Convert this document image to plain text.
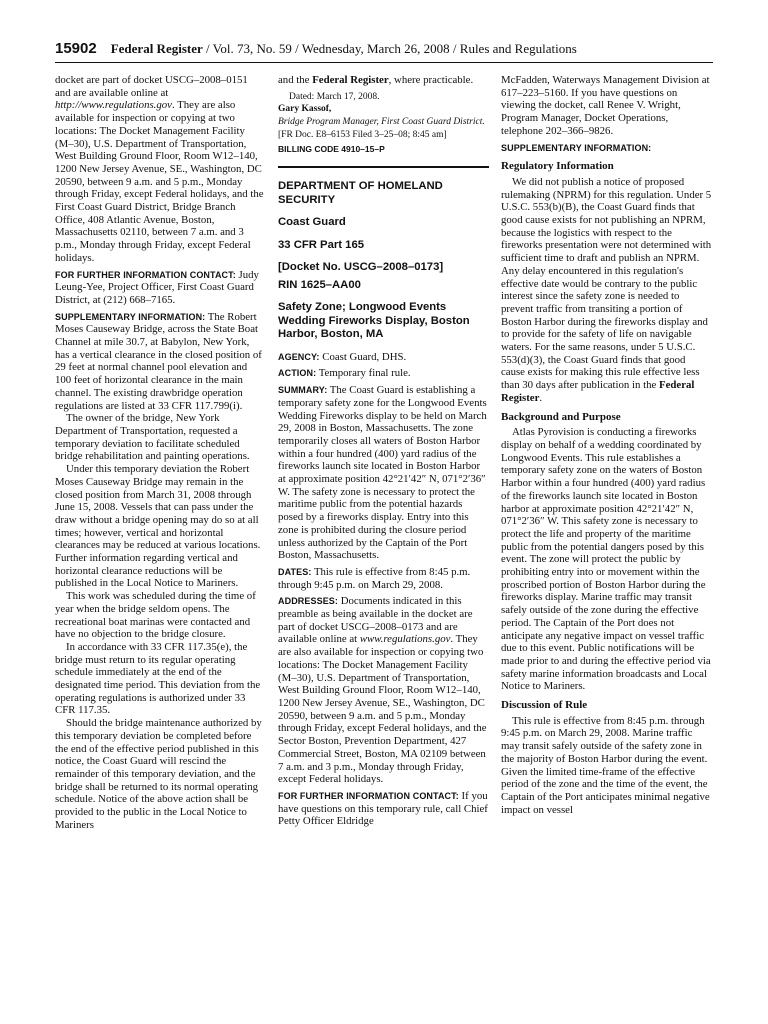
15902 Federal Register / Vol. 73, No. 59 / Wednesday, March 26, 2008 / Rules and Regulations

docket are part of docket USCG–2008–0151 and are available online at http://www.regulations.gov. They are also available for inspection or copying at two locations: The Docket Management Facility (M–30), U.S. Department of Transportation, West Building Ground Floor, Room W12–140, 1200 New Jersey Avenue, SE., Washington, DC 20590, between 9 a.m. and 5 p.m., Monday through Friday, except Federal holidays, and the First Coast Guard District, Bridge Branch Office, 408 Atlantic Avenue, Boston, Massachusetts 02110, between 7 a.m. and 3 p.m., Monday through Friday, except Federal holidays.

FOR FURTHER INFORMATION CONTACT: Judy Leung-Yee, Project Officer, First Coast Guard District, at (212) 668–7165.

SUPPLEMENTARY INFORMATION: The Robert Moses Causeway Bridge, across the State Boat Channel at mile 30.7, at Babylon, New York, has a vertical clearance in the closed position of 29 feet at normal channel pool elevation and 100 feet of horizontal clearance in the main channel. The existing drawbridge operation regulations are listed at 33 CFR 117.799(i).

The owner of the bridge, New York Department of Transportation, requested a temporary deviation to facilitate scheduled bridge rehabilitation and painting operations.

Under this temporary deviation the Robert Moses Causeway Bridge may remain in the closed position from March 31, 2008 through June 15, 2008. Vessels that can pass under the draw without a bridge opening may do so at all times; however, vertical and horizontal clearances may be reduced at various locations. Further information regarding vertical and horizontal clearance reductions will be published in the Local Notice to Mariners.

This work was scheduled during the time of year when the bridge seldom opens. The recreational boat marinas were contacted and have no objection to the bridge closure.

In accordance with 33 CFR 117.35(e), the bridge must return to its regular operating schedule immediately at the end of the designated time period. This deviation from the operating regulations is authorized under 33 CFR 117.35.

Should the bridge maintenance authorized by this temporary deviation be completed before the end of the effective period published in this notice, the Coast Guard will rescind the remainder of this temporary deviation, and the bridge shall be returned to its normal operating schedule. Notice of the above action shall be provided to the public in the Local Notice to Mariners

and the Federal Register, where practicable.

Dated: March 17, 2008.

Gary Kassof,

Bridge Program Manager, First Coast Guard District.

[FR Doc. E8–6153 Filed 3–25–08; 8:45 am]

BILLING CODE 4910–15–P

DEPARTMENT OF HOMELAND SECURITY
Coast Guard
33 CFR Part 165
[Docket No. USCG–2008–0173]
RIN 1625–AA00
Safety Zone; Longwood Events Wedding Fireworks Display, Boston Harbor, Boston, MA

AGENCY: Coast Guard, DHS.

ACTION: Temporary final rule.

SUMMARY: The Coast Guard is establishing a temporary safety zone for the Longwood Events Wedding Fireworks display to be held on March 29, 2008 in Boston, Massachusetts. The zone temporarily closes all waters of Boston Harbor within a four hundred (400) yard radius of the fireworks launch site located in Boston Harbor at approximate position 42°21′42″ N, 071°2′36″ W. The safety zone is necessary to protect the maritime public from the potential hazards posed by a fireworks display. Entry into this zone is prohibited during the closure period unless authorized by the Captain of the Port Boston, Massachusetts.

DATES: This rule is effective from 8:45 p.m. through 9:45 p.m. on March 29, 2008.

ADDRESSES: Documents indicated in this preamble as being available in the docket are part of docket USCG–2008–0173 and are available online at www.regulations.gov. They are also available for inspection or copying two locations: The Docket Management Facility (M–30), U.S. Department of Transportation, West Building Ground Floor, Room W12–140, 1200 New Jersey Avenue, SE., Washington, DC 20590, between 9 a.m. and 5 p.m., Monday through Friday, except Federal holidays, and the Sector Boston, Prevention Department, 427 Commercial Street, Boston, MA 02109 between 7 a.m. and 3 p.m., Monday through Friday, except Federal holidays.

FOR FURTHER INFORMATION CONTACT: If you have questions on this temporary rule, call Chief Petty Officer Eldridge

McFadden, Waterways Management Division at 617–223–5160. If you have questions on viewing the docket, call Renee V. Wright, Program Manager, Docket Operations, telephone 202–366–9826.

SUPPLEMENTARY INFORMATION:

Regulatory Information

We did not publish a notice of proposed rulemaking (NPRM) for this regulation. Under 5 U.S.C. 553(b)(B), the Coast Guard finds that good cause exists for not publishing an NPRM, because the logistics with respect to the fireworks presentation were not determined with sufficient time to draft and publish an NPRM. Any delay encountered in this regulation's effective date would be contrary to the public interest since the safety zone is needed to prevent traffic from transiting a portion of Boston Harbor during the fireworks display and to provide for the safety of life on navigable waters. For the same reasons, under 5 U.S.C. 553(d)(3), the Coast Guard finds that good cause exists for making this rule effective less than 30 days after publication in the Federal Register.

Background and Purpose

Atlas Pyrovision is conducting a fireworks display on behalf of a wedding coordinated by Longwood Events. This rule establishes a temporary safety zone on the waters of Boston Harbor within a four hundred (400) yard radius of the fireworks launch site located in Boston harbor at approximate position 42°21′42″ N, 071°2′36″ W. This safety zone is necessary to protect the life and property of the maritime public from the potential dangers posed by this event. The zone will protect the public by prohibiting entry into or movement within the proscribed portion of Boston Harbor during the fireworks display. Marine traffic may transit safely outside of the zone during the effective period. The Captain of the Port does not anticipate any negative impact on vessel traffic due to this event. Public notifications will be made prior to and during the effective period via safety marine information broadcasts and Local Notice to Mariners.

Discussion of Rule

This rule is effective from 8:45 p.m. through 9:45 p.m. on March 29, 2008. Marine traffic may transit safely outside of the safety zone in the majority of Boston Harbor during the event. Given the limited time-frame of the effective period of the zone and the time of the event, the Captain of the Port anticipates minimal negative impact on vessel
